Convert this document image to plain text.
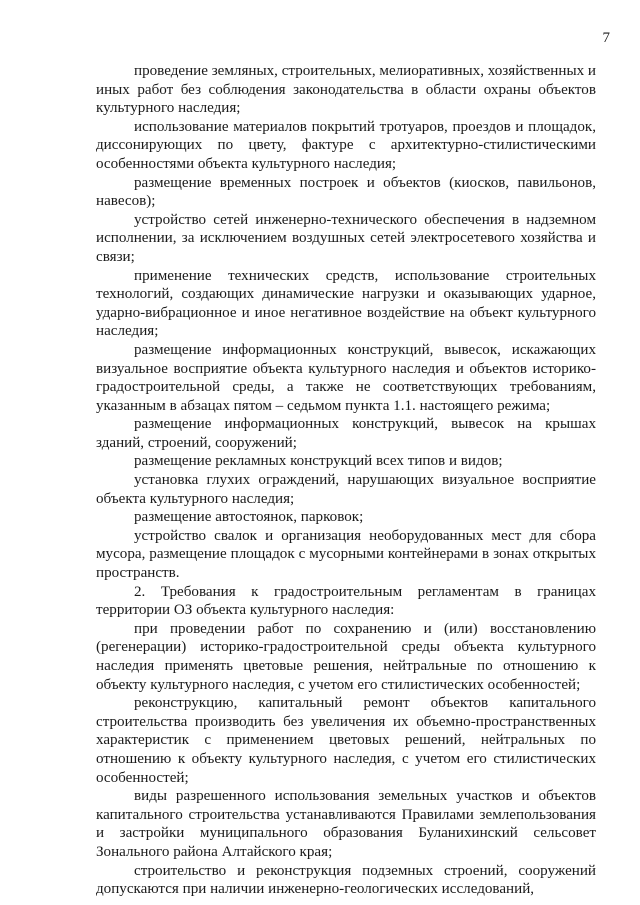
7

проведение земляных, строительных, мелиоративных, хозяйственных и иных работ без соблюдения законодательства в области охраны объектов культурного наследия;

использование материалов покрытий тротуаров, проездов и площадок, диссонирующих по цвету, фактуре с архитектурно-стилистическими особенностями объекта культурного наследия;

размещение временных построек и объектов (киосков, павильонов, навесов);

устройство сетей инженерно-технического обеспечения в надземном исполнении, за исключением воздушных сетей электросетевого хозяйства и связи;

применение технических средств, использование строительных технологий, создающих динамические нагрузки и оказывающих ударное, ударно-вибрационное и иное негативное воздействие на объект культурного наследия;

размещение информационных конструкций, вывесок, искажающих визуальное восприятие объекта культурного наследия и объектов историко-градостроительной среды, а также не соответствующих требованиям, указанным в абзацах пятом – седьмом пункта 1.1. настоящего режима;

размещение информационных конструкций, вывесок на крышах зданий, строений, сооружений;

размещение рекламных конструкций всех типов и видов;

установка глухих ограждений, нарушающих визуальное восприятие объекта культурного наследия;

размещение автостоянок, парковок;

устройство свалок и организация необорудованных мест для сбора мусора, размещение площадок с мусорными контейнерами в зонах открытых пространств.

2. Требования к градостроительным регламентам в границах территории ОЗ объекта культурного наследия:

при проведении работ по сохранению и (или) восстановлению (регенерации) историко-градостроительной среды объекта культурного наследия применять цветовые решения, нейтральные по отношению к объекту культурного наследия, с учетом его стилистических особенностей;

реконструкцию, капитальный ремонт объектов капитального строительства производить без увеличения их объемно-пространственных характеристик с применением цветовых решений, нейтральных по отношению к объекту культурного наследия, с учетом его стилистических особенностей;

виды разрешенного использования земельных участков и объектов капитального строительства устанавливаются Правилами землепользования и застройки муниципального образования Буланихинский сельсовет Зонального района Алтайского края;

строительство и реконструкция подземных строений, сооружений допускаются при наличии инженерно-геологических исследований,
